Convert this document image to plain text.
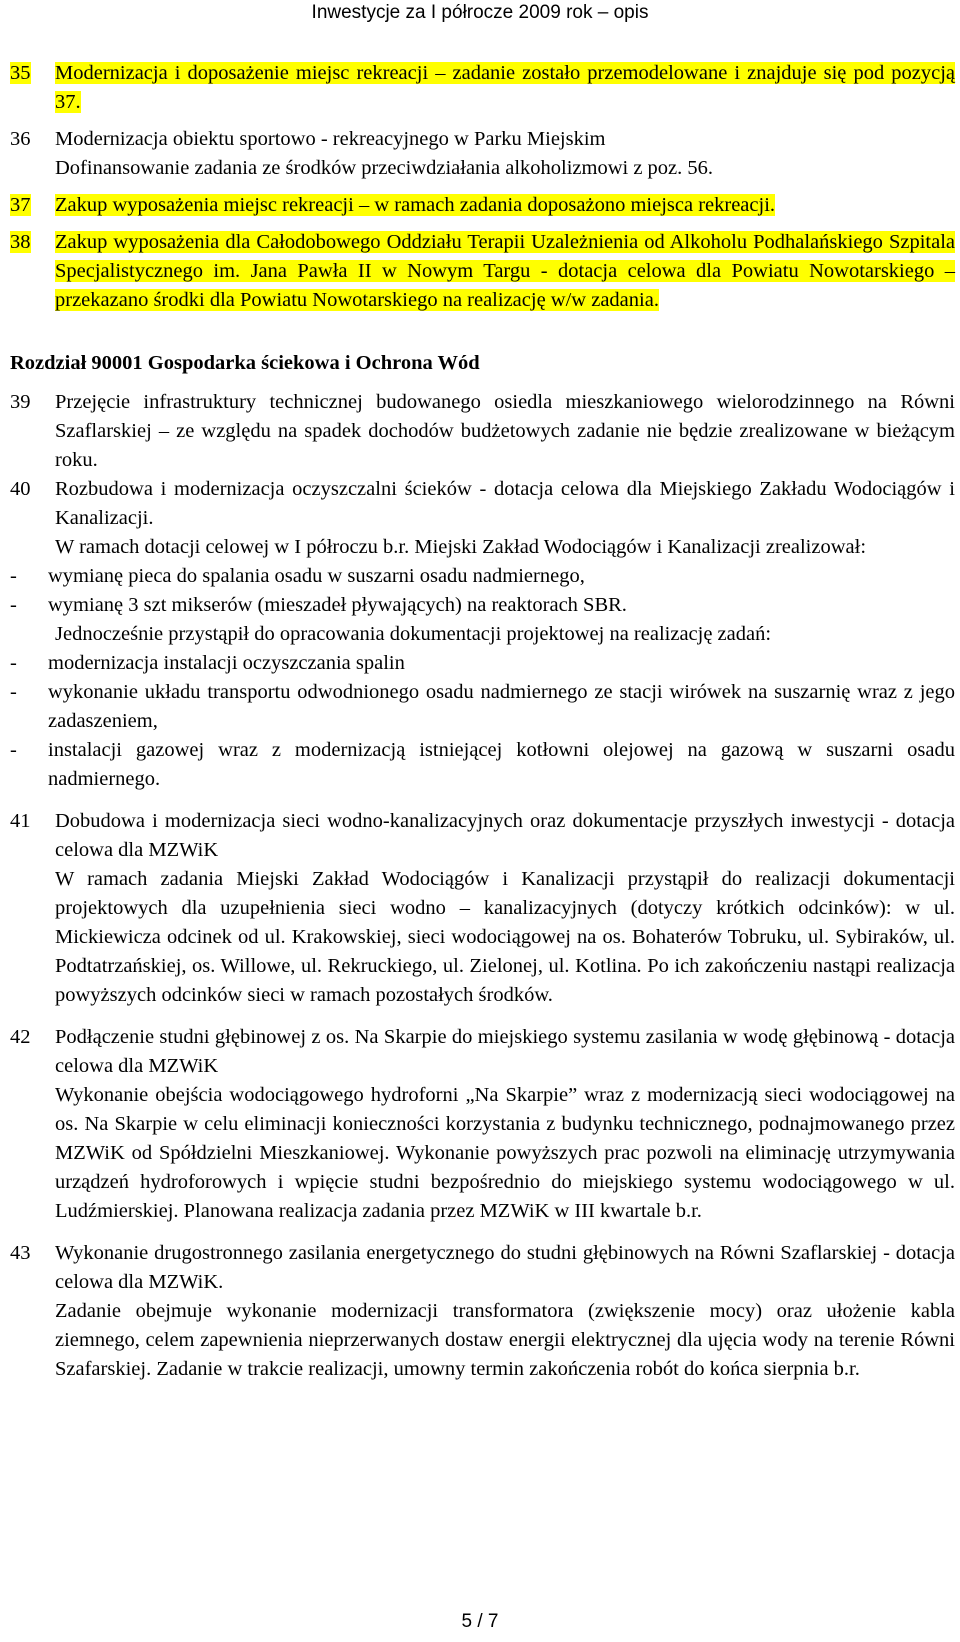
Inwestycje za I półrocze 2009 rok – opis
35	Modernizacja i doposażenie miejsc rekreacji – zadanie zostało przemodelowane i znajduje się pod pozycją 37.
36	Modernizacja obiektu sportowo - rekreacyjnego w Parku Miejskim
Dofinansowanie zadania ze środków przeciwdziałania alkoholizmowi z poz. 56.
37	Zakup wyposażenia miejsc rekreacji – w ramach zadania doposażono miejsca rekreacji.
38	Zakup wyposażenia dla Całodobowego Oddziału Terapii Uzależnienia od Alkoholu Podhalańskiego Szpitala Specjalistycznego im. Jana Pawła II w Nowym Targu - dotacja celowa dla Powiatu Nowotarskiego – przekazano środki dla Powiatu Nowotarskiego na realizację w/w zadania.
Rozdział 90001 Gospodarka ściekowa i Ochrona Wód
39	Przejęcie infrastruktury technicznej budowanego osiedla mieszkaniowego wielorodzinnego na Równi Szaflarskiej – ze względu na spadek dochodów budżetowych zadanie nie będzie zrealizowane w bieżącym roku.
40	Rozbudowa i modernizacja oczyszczalni ścieków - dotacja celowa dla Miejskiego Zakładu Wodociągów i Kanalizacji.
W ramach dotacji celowej w I półroczu b.r. Miejski Zakład Wodociągów i Kanalizacji zrealizował:
-	wymianę pieca do spalania osadu w suszarni osadu nadmiernego,
-	wymianę 3 szt mikserów (mieszadeł pływających) na reaktorach SBR.
Jednocześnie przystąpił do opracowania dokumentacji projektowej na realizację zadań:
-	modernizacja instalacji oczyszczania spalin
-	wykonanie układu transportu odwodnionego osadu nadmiernego ze stacji wirówek na suszarnię wraz z jego zadaszeniem,
-	instalacji gazowej wraz z modernizacją istniejącej kotłowni olejowej na gazową w suszarni osadu nadmiernego.
41	Dobudowa i modernizacja sieci wodno-kanalizacyjnych oraz dokumentacje przyszłych inwestycji - dotacja celowa dla MZWiK
W ramach zadania Miejski Zakład Wodociągów i Kanalizacji przystąpił do realizacji dokumentacji projektowych dla uzupełnienia sieci wodno – kanalizacyjnych (dotyczy krótkich odcinków): w ul. Mickiewicza odcinek od ul. Krakowskiej, sieci wodociągowej na os. Bohaterów Tobruku, ul. Sybiraków, ul. Podtatrzańskiej, os. Willowe, ul. Rekruckiego, ul. Zielonej, ul. Kotlina. Po ich zakończeniu nastąpi realizacja powyższych odcinków sieci w ramach pozostałych środków.
42	Podłączenie studni głębinowej z os. Na Skarpie do miejskiego systemu zasilania w wodę głębinową - dotacja celowa dla MZWiK
Wykonanie obejścia wodociągowego hydroforni „Na Skarpie” wraz z modernizacją sieci wodociągowej na os. Na Skarpie w celu eliminacji konieczności korzystania z budynku technicznego, podnajmowanego przez MZWiK od Spółdzielni Mieszkaniowej. Wykonanie powyższych prac pozwoli na eliminację utrzymywania urządzeń hydroforowych i wpięcie studni bezpośrednio do miejskiego systemu wodociągowego w ul. Ludźmierskiej. Planowana realizacja zadania przez MZWiK w III kwartale b.r.
43	Wykonanie drugostronnego zasilania energetycznego do studni głębinowych na Równi Szaflarskiej - dotacja celowa dla MZWiK.
Zadanie obejmuje wykonanie modernizacji transformatora (zwiększenie mocy) oraz ułożenie kabla ziemnego, celem zapewnienia nieprzerwanych dostaw energii elektrycznej dla ujęcia wody na terenie Równi Szafarskiej. Zadanie w trakcie realizacji, umowny termin zakończenia robót do końca sierpnia b.r.
5 / 7
